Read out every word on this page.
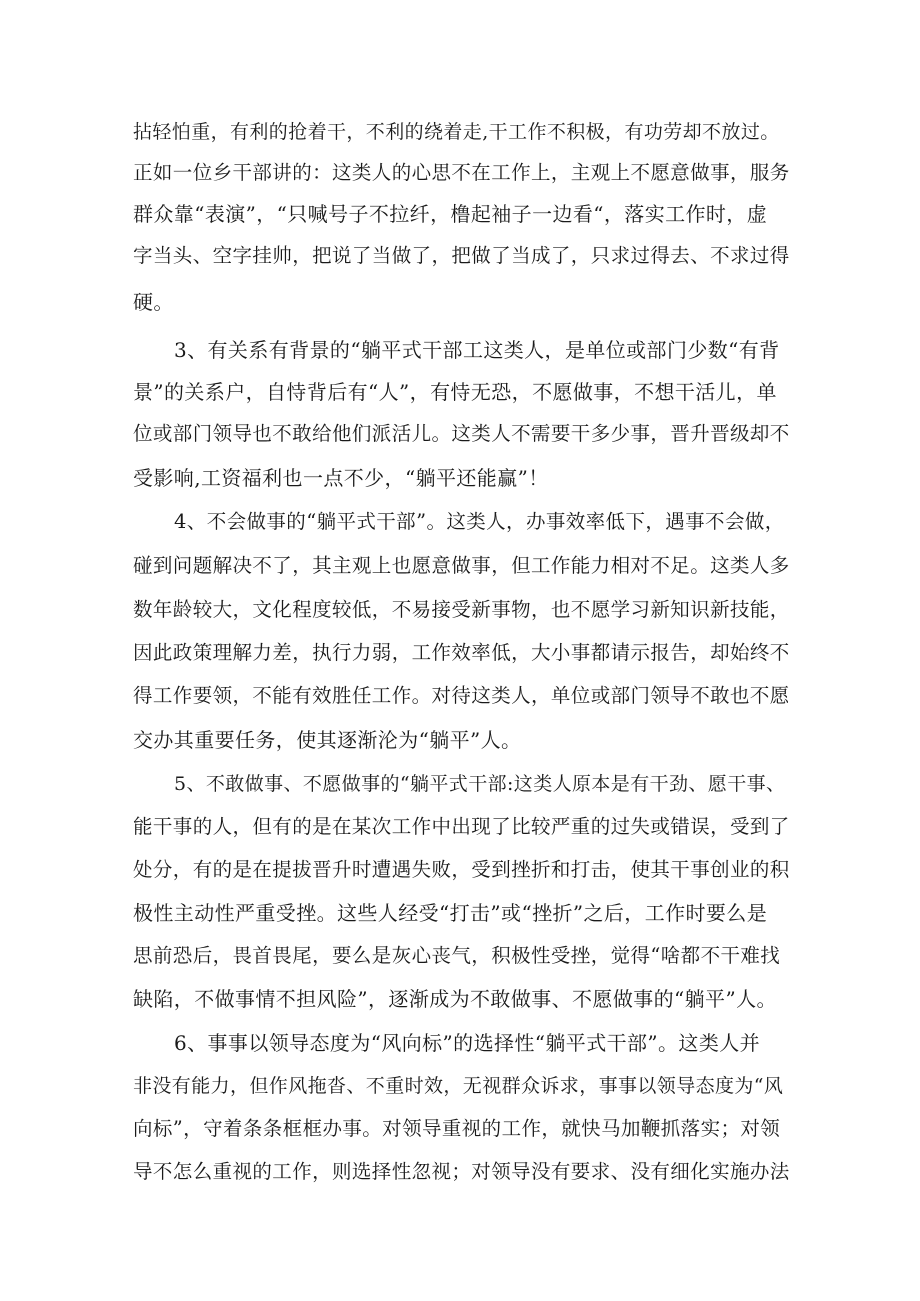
拈轻怕重，有利的抢着干，不利的绕着走,干工作不积极，有功劳却不放过。
正如一位乡干部讲的：这类人的心思不在工作上，主观上不愿意做事，服务
群众靠“表演”，“只喊号子不拉纤，橹起袖子一边看“，落实工作时，虚
字当头、空字挂帅，把说了当做了，把做了当成了，只求过得去、不求过得
硬。
3、有关系有背景的“躺平式干部工这类人，是单位或部门少数“有背
景”的关系户，自恃背后有“人”，有恃无恐，不愿做事，不想干活儿，单
位或部门领导也不敢给他们派活儿。这类人不需要干多少事，晋升晋级却不
受影响,工资福利也一点不少，“躺平还能赢”！
4、不会做事的“躺平式干部”。这类人，办事效率低下，遇事不会做，
碰到问题解决不了，其主观上也愿意做事，但工作能力相对不足。这类人多
数年龄较大，文化程度较低，不易接受新事物，也不愿学习新知识新技能，
因此政策理解力差，执行力弱，工作效率低，大小事都请示报告，却始终不
得工作要领，不能有效胜任工作。对待这类人，单位或部门领导不敢也不愿
交办其重要任务，使其逐渐沦为“躺平”人。
5、不敢做事、不愿做事的“躺平式干部:这类人原本是有干劲、愿干事、
能干事的人，但有的是在某次工作中出现了比较严重的过失或错误，受到了
处分，有的是在提拔晋升时遭遇失败，受到挫折和打击，使其干事创业的积
极性主动性严重受挫。这些人经受“打击”或“挫折”之后，工作时要么是
思前恐后，畏首畏尾，要么是灰心丧气，积极性受挫，觉得“啥都不干难找
缺陷，不做事情不担风险”，逐渐成为不敢做事、不愿做事的“躺平”人。
6、事事以领导态度为“风向标”的选择性“躺平式干部”。这类人并
非没有能力，但作风拖沓、不重时效，无视群众诉求，事事以领导态度为“风
向标”，守着条条框框办事。对领导重视的工作，就快马加鞭抓落实；对领
导不怎么重视的工作，则选择性忽视；对领导没有要求、没有细化实施办法
